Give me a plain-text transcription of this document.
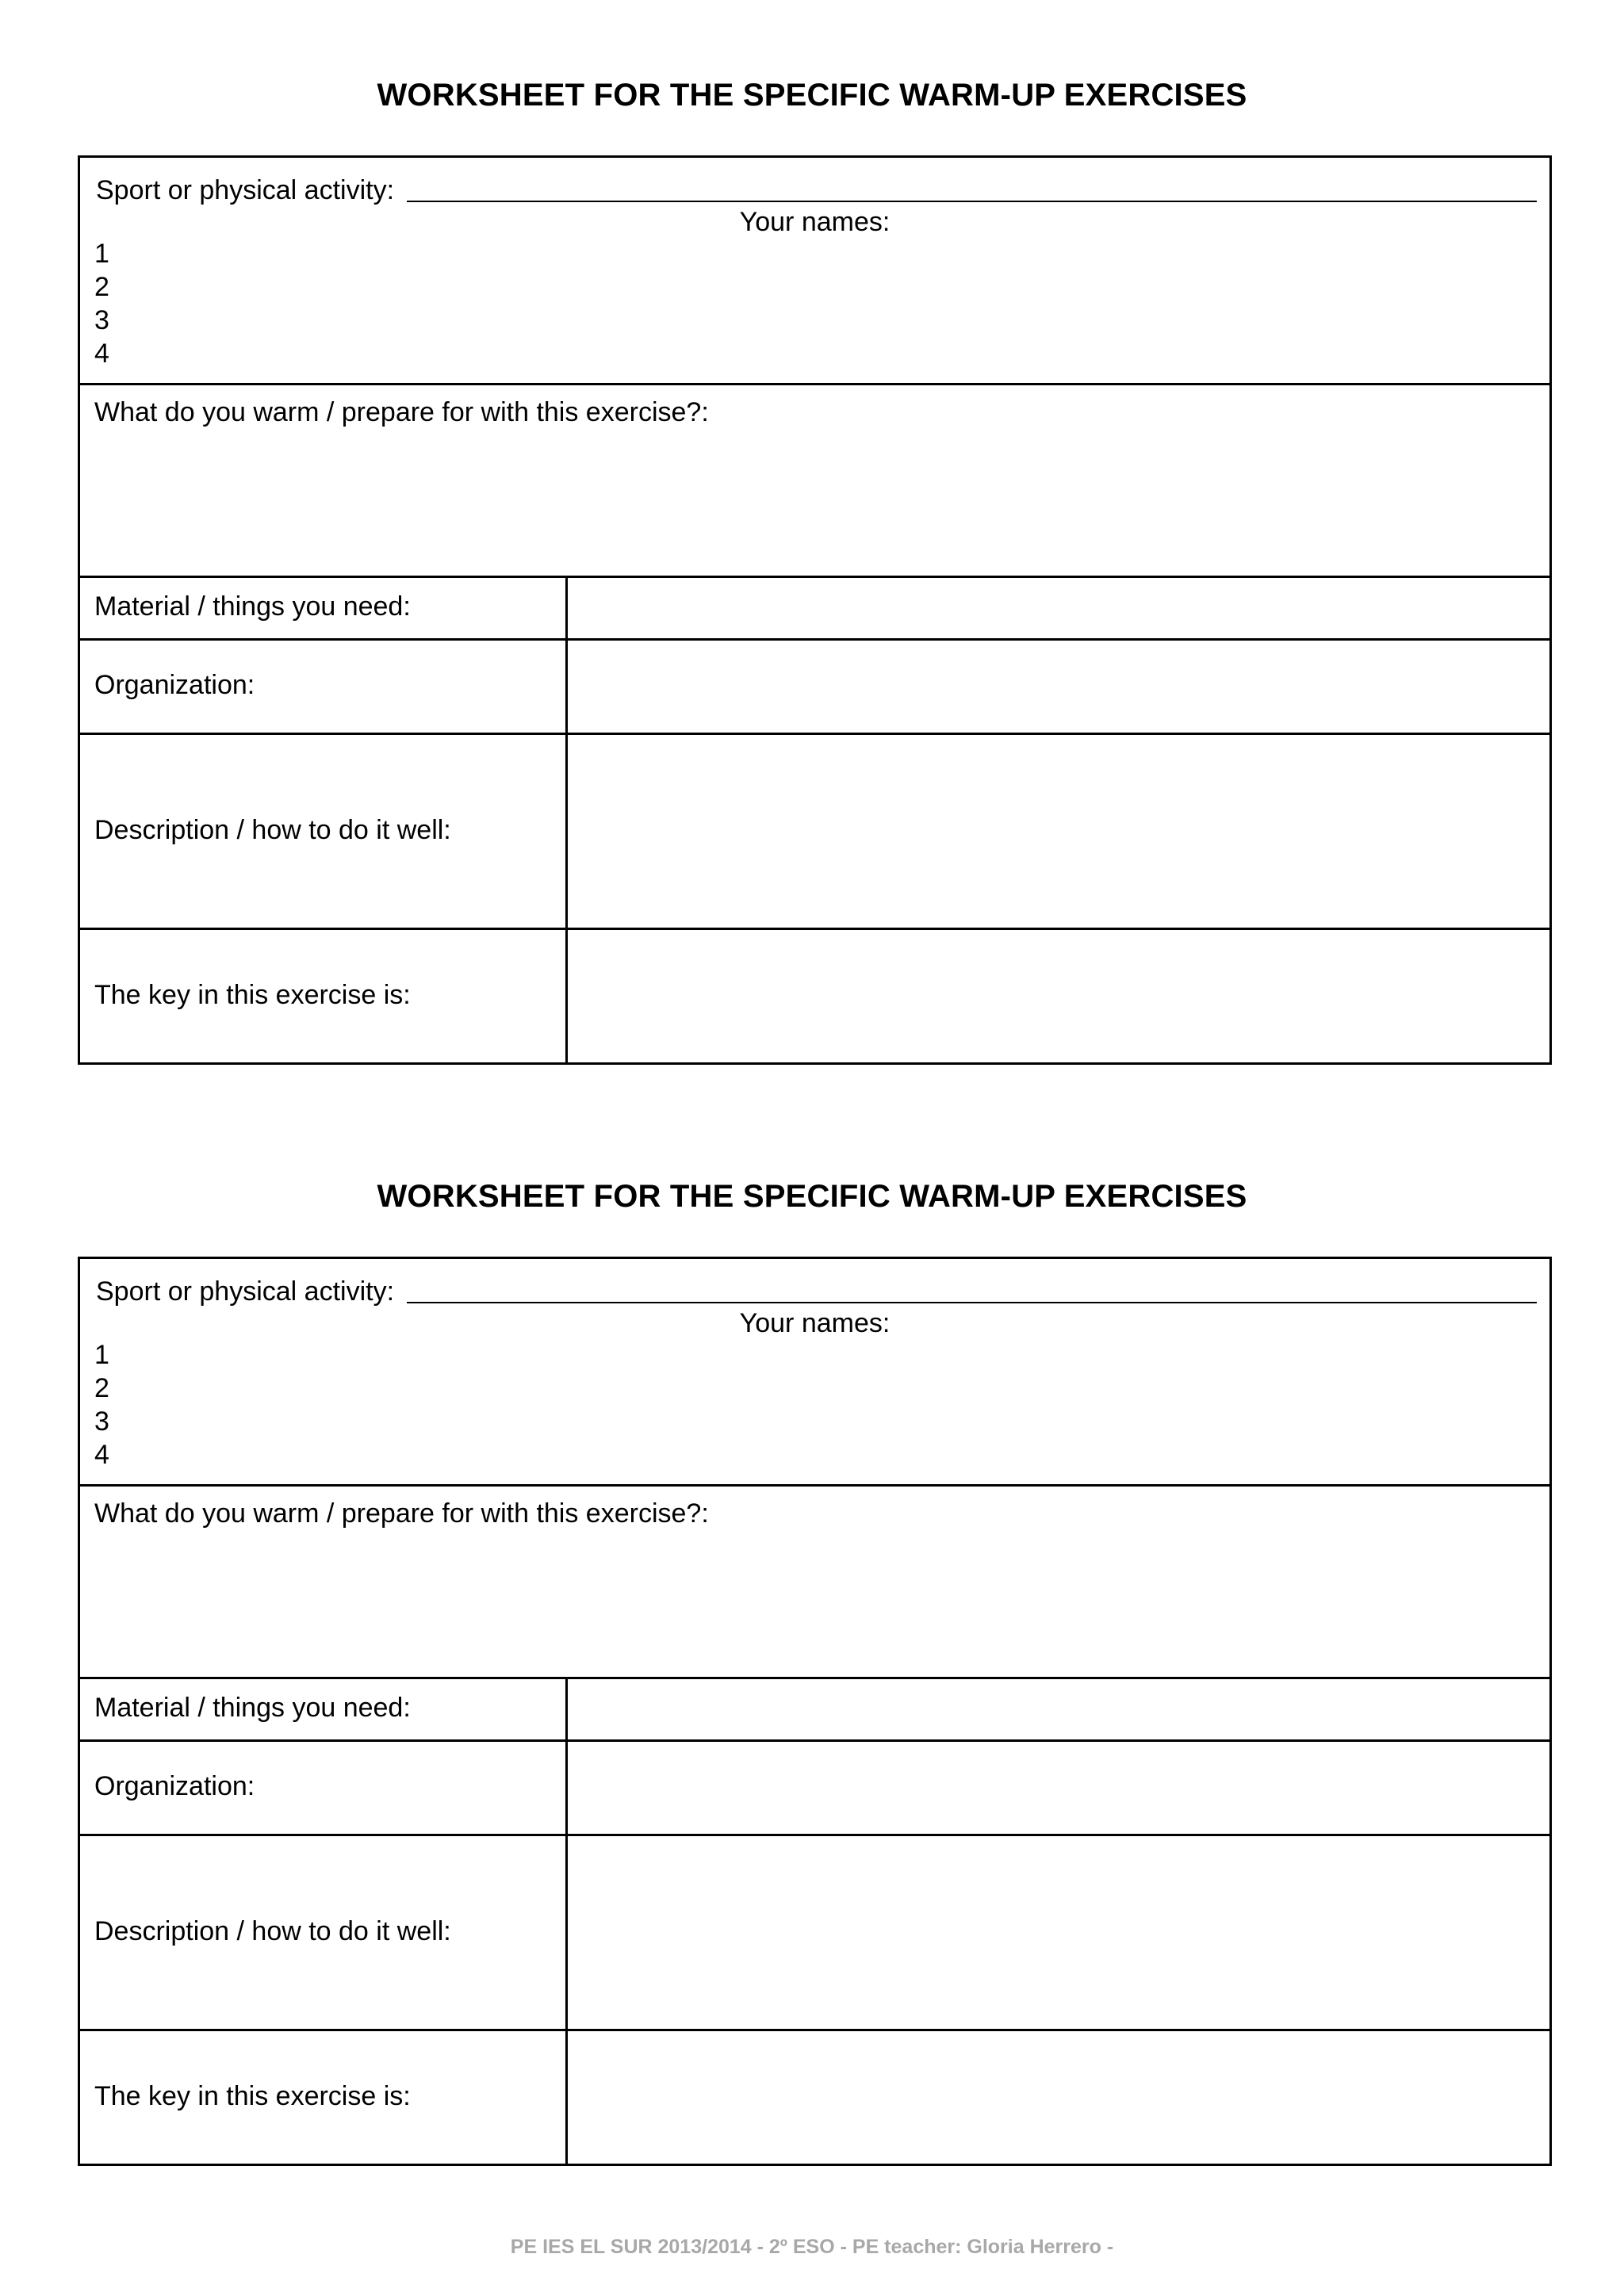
WORKSHEET FOR THE SPECIFIC WARM-UP EXERCISES
Sport or physical activity:
Your names:
1
2
3
4
What do you warm / prepare for with this exercise?:
Material / things you need:
Organization:
Description / how to do it well:
The key in this exercise is:
WORKSHEET FOR THE SPECIFIC WARM-UP EXERCISES
Sport or physical activity:
Your names:
1
2
3
4
What do you warm / prepare for with this exercise?:
Material / things you need:
Organization:
Description / how to do it well:
The key in this exercise is:
PE IES EL SUR 2013/2014 - 2º ESO - PE teacher: Gloria Herrero -
